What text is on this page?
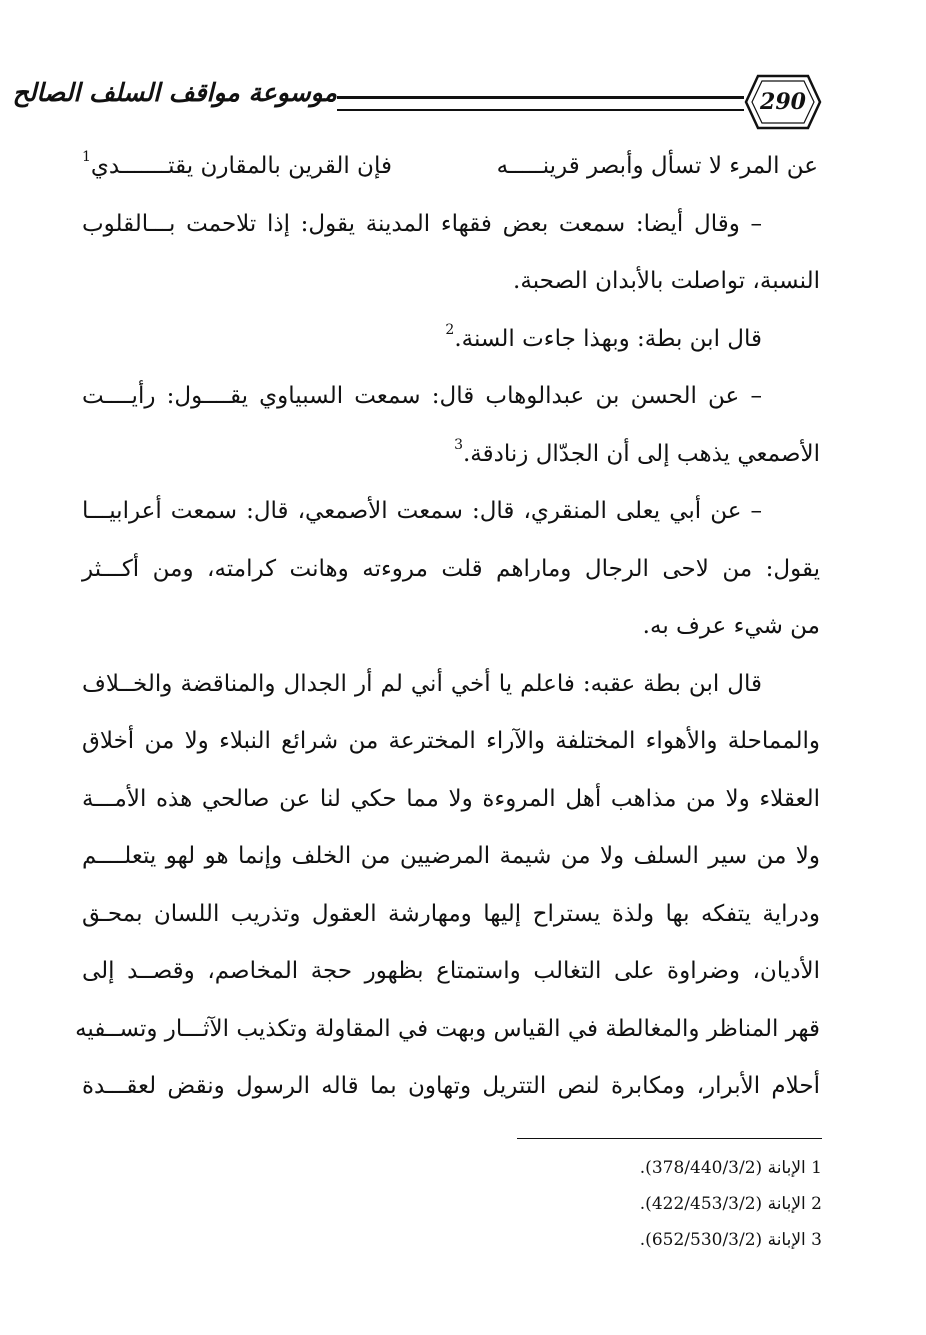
290
موسوعة مواقف السلف الصالح
عن المرء لا تسأل وأبصر قرينـــــه
فإن القرين بالمقارن يقتـــــــدي$^1$
– وقال أيضا: سمعت بعض فقهاء المدينة يقول: إذا تلاحمت بـــالقلوب
النسبة، تواصلت بالأبدان الصحبة.
قال ابن بطة: وبهذا جاءت السنة.$^2$
– عن الحسن بن عبدالوهاب قال: سمعت السبياوي يقــــول: رأيــــت
الأصمعي يذهب إلى أن الجدّال زنادقة.$^3$
– عن أبي يعلى المنقري، قال: سمعت الأصمعي، قال: سمعت أعرابيـــا
يقول: من لاحى الرجال وماراهم قلت مروءته وهانت كرامته، ومن أكـــثر
من شيء عرف به.
قال ابن بطة عقبه: فاعلم يا أخي أني لم أر الجدال والمناقضة والخــلاف
والمماحلة والأهواء المختلفة والآراء المخترعة من شرائع النبلاء ولا من أخلاق
العقلاء ولا من مذاهب أهل المروءة ولا مما حكي لنا عن صالحي هذه الأمـــة
ولا من سير السلف ولا من شيمة المرضيين من الخلف وإنما هو لهو يتعلــــم
ودراية يتفكه بها ولذة يستراح إليها ومهارشة العقول وتذريب اللسان بمحـق
الأديان، وضراوة على التغالب واستمتاع بظهور حجة المخاصم، وقصــد إلى
قهر المناظر والمغالطة في القياس وبهت في المقاولة وتكذيب الآثـــار وتســفيه
أحلام الأبرار، ومكابرة لنص التتريل وتهاون بما قاله الرسول ونقض لعقـــدة
1 الإبانة (378/440/3/2).
2 الإبانة (422/453/3/2).
3 الإبانة (652/530/3/2).
